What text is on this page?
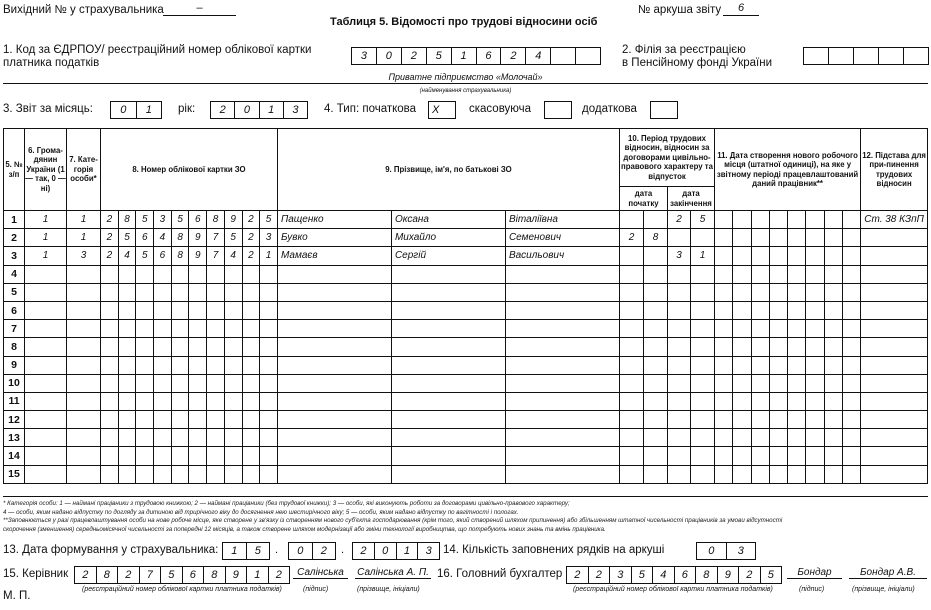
Вихідний № у страхувальника	–	№ аркуша звіту	6
Таблиця 5. Відомості про трудові відносини осіб
1. Код за ЄДРПОУ/ реєстраційний номер облікової картки
платника податків
3	0	2	5	1	6	2	4	2. Філія за реєстрацією
в Пенсійному фонді України
Приватне підприємство «Молочай»
(найменування страхувальника)
3. Звіт за місяць:	0	1	рік:	2	0	1	3	4. Тип: початкова X	скасовуюча	додаткова
5. № з/п	6. Грома-дянин України (1 — так, 0 — ні)	7. Кате-горія особи*	8. Номер облікової картки ЗО										9. Прізвище, ім'я, по батькові ЗО			10. Період трудових відносин, відносин за договорами цивільно-правового характеру та відпусток				11. Дата створення нового робочого місця (штатної одиниці), на яке у звітному періоді працевлаштований даний працівник**								12. Підстава для при-пинення трудових відносин
																дата початку		дата закінчення										
1	1	1	2	8	5	3	5	6	8	9	2	5	Пащенко	Оксана	Віталіївна			2	5									Ст. 38 КЗпП
2	1	1	2	5	6	4	8	9	7	5	2	3	Бувко	Михайло	Семенович	2	8											
3	1	3	2	4	5	6	8	9	7	4	2	1	Мамаєв	Сергій	Васильович			3	1									
4																												
5																												
6																												
7																												
8																												
9																												
10																												
11																												
12																												
13																												
14																												
15																												
* Категорія особи: 1 — наймані працівники з трудовою книжкою; 2 — наймані працівники (без трудової книжки); 3 — особи, які виконують роботи за договорами цивільно-правового характеру;
4 — особи, яким надано відпустку по догляду за дитиною від трирічного віку до досягнення нею шестирічного віку; 5 — особи, яким надано відпустку по вагітності і пологах.
**Заповнюється у разі працевлаштування особи на нове робоче місце, яке створене у зв'язку із створенням нового суб'єкта господарювання (крім того, який створений шляхом припинення) або збільшенням штатної чисельності працівників за умови відсутності
скорочення (зменшення) середньомісячної чисельності за попередні 12 місяців, а також створене шляхом модернізації або зміни технології виробництва, що потребують нових знань та вмінь працівника.
13. Дата формування у страхувальника:	1	5	.	0	2	.	2	0	1	3 14. Кількість заповнених рядків на аркуші	0	3
15. Керівник	2	8	2	7	5	6	8	9	1	2
(реєстраційний номер облікової картки платника податків)
Салінська
(підпис)
Салінська А. П.
(прізвище, ініціали)
М. П.
16. Головний бухгалтер	2	2	3	5	4	6	8	9	2	5
(реєстраційний номер облікової картки платника податків)
Бондар
(підпис)
Бондар А.В.
(прізвище, ініціали)
